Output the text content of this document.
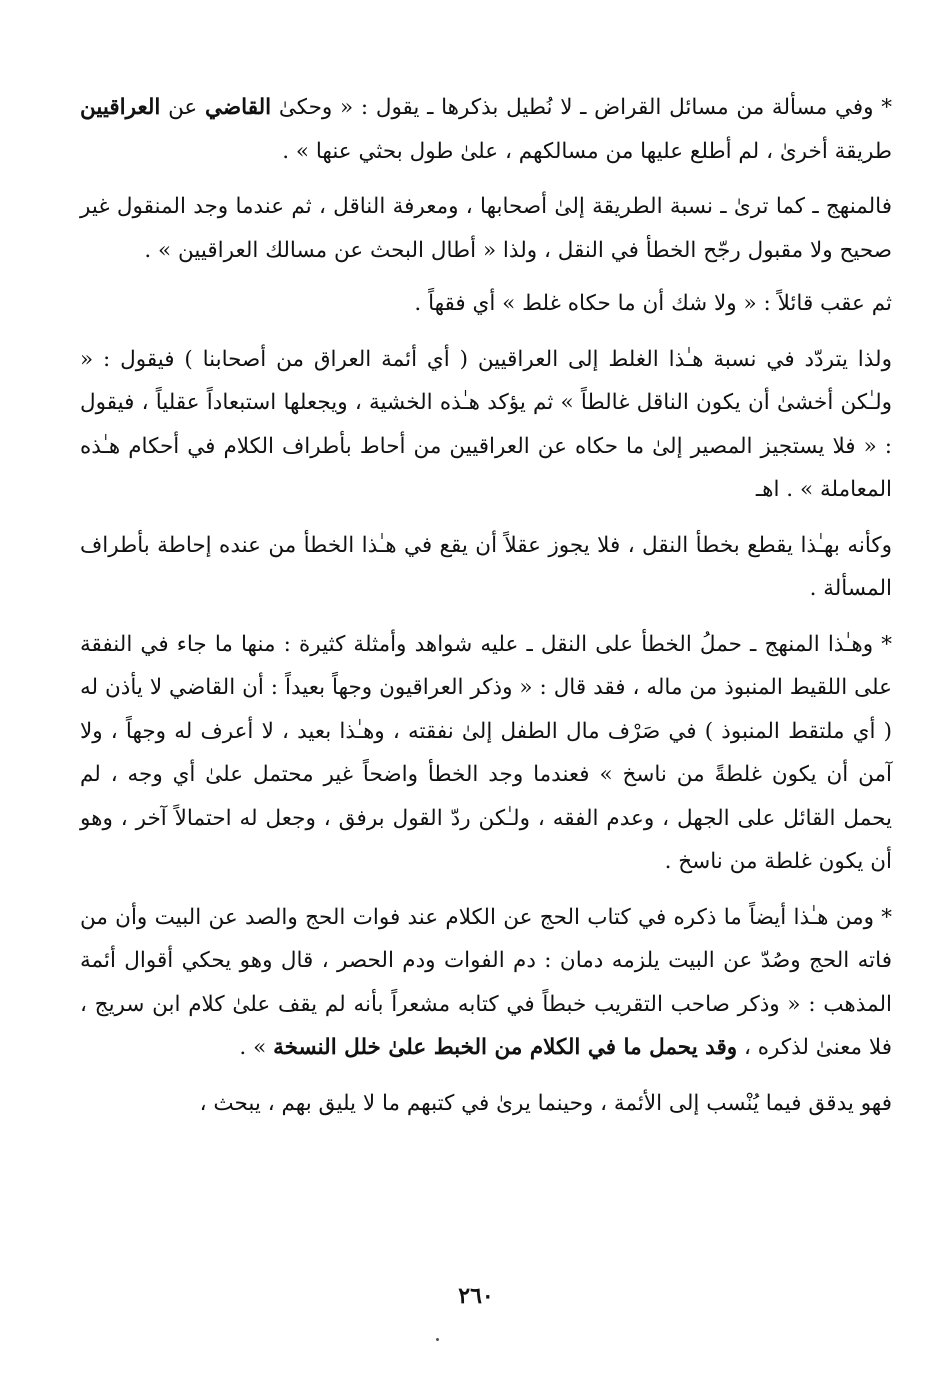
* وفي مسألة من مسائل القراض ـ لا نُطيل بذكرها ـ يقول : « وحكىٰ القاضي عن العراقيين طريقة أخرىٰ ، لم أطلع عليها من مسالكهم ، علىٰ طول بحثي عنها » .

فالمنهج ـ كما ترىٰ ـ نسبة الطريقة إلىٰ أصحابها ، ومعرفة الناقل ، ثم عندما وجد المنقول غير صحيح ولا مقبول رجّح الخطأ في النقل ، ولذا « أطال البحث عن مسالك العراقيين » .

ثم عقب قائلاً : « ولا شك أن ما حكاه غلط » أي فقهاً .

ولذا يتردّد في نسبة هـٰذا الغلط إلى العراقيين ( أي أئمة العراق من أصحابنا ) فيقول : « ولـٰكن أخشىٰ أن يكون الناقل غالطاً » ثم يؤكد هـٰذه الخشية ، ويجعلها استبعاداً عقلياً ، فيقول : « فلا يستجيز المصير إلىٰ ما حكاه عن العراقيين من أحاط بأطراف الكلام في أحكام هـٰذه المعاملة » . اهـ

وكأنه بهـٰذا يقطع بخطأ النقل ، فلا يجوز عقلاً أن يقع في هـٰذا الخطأ من عنده إحاطة بأطراف المسألة .

* وهـٰذا المنهج ـ حملُ الخطأ على النقل ـ عليه شواهد وأمثلة كثيرة : منها ما جاء في النفقة على اللقيط المنبوذ من ماله ، فقد قال : « وذكر العراقيون وجهاً بعيداً : أن القاضي لا يأذن له ( أي ملتقط المنبوذ ) في صَرْف مال الطفل إلىٰ نفقته ، وهـٰذا بعيد ، لا أعرف له وجهاً ، ولا آمن أن يكون غلطةً من ناسخ » فعندما وجد الخطأ واضحاً غير محتمل علىٰ أي وجه ، لم يحمل القائل على الجهل ، وعدم الفقه ، ولـٰكن ردّ القول برفق ، وجعل له احتمالاً آخر ، وهو أن يكون غلطة من ناسخ .

* ومن هـٰذا أيضاً ما ذكره في كتاب الحج عن الكلام عند فوات الحج والصد عن البيت وأن من فاته الحج وصُدّ عن البيت يلزمه دمان : دم الفوات ودم الحصر ، قال وهو يحكي أقوال أئمة المذهب : « وذكر صاحب التقريب خبطاً في كتابه مشعراً بأنه لم يقف علىٰ كلام ابن سريج ، فلا معنىٰ لذكره ، وقد يحمل ما في الكلام من الخبط علىٰ خلل النسخة » .

فهو يدقق فيما يُنْسب إلى الأئمة ، وحينما يرىٰ في كتبهم ما لا يليق بهم ، يبحث ،

٢٦٠
